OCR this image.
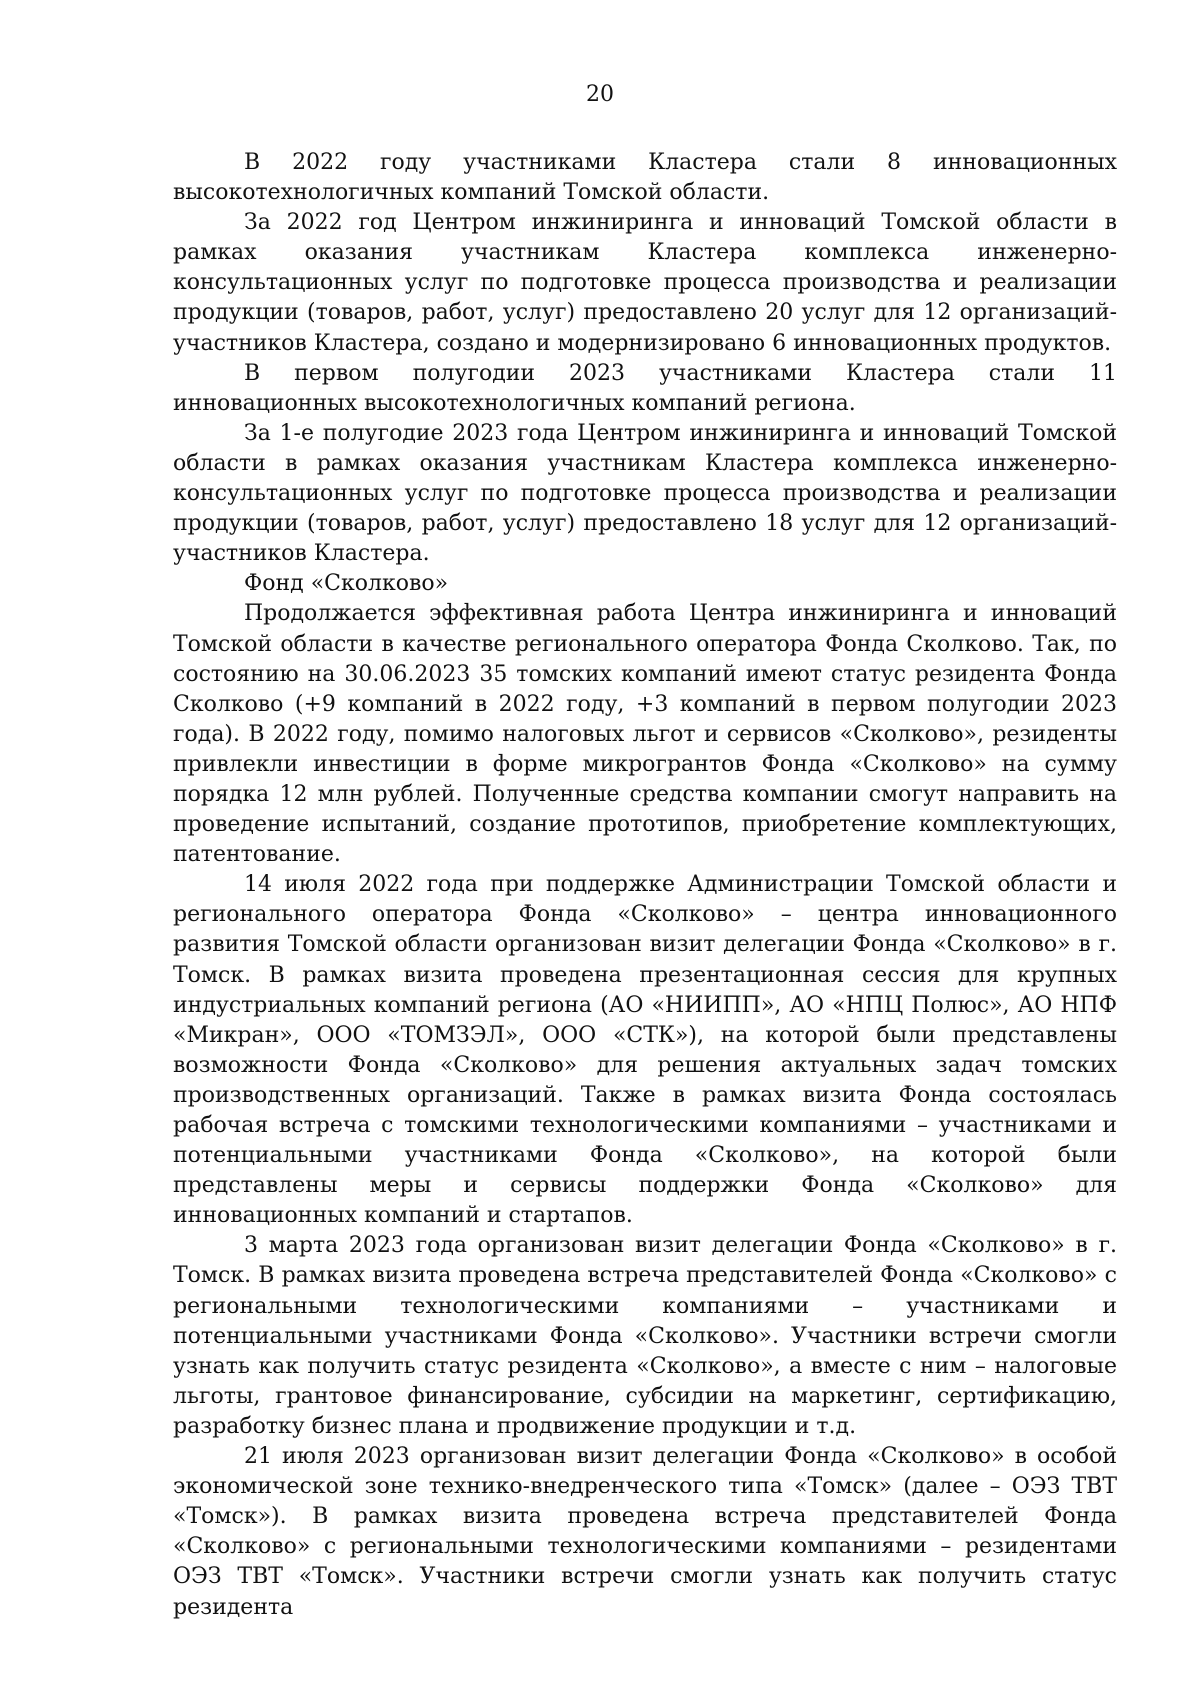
20

В 2022 году участниками Кластера стали 8 инновационных высокотехнологичных компаний Томской области.

За 2022 год Центром инжиниринга и инноваций Томской области в рамках оказания участникам Кластера комплекса инженерно-консультационных услуг по подготовке процесса производства и реализации продукции (товаров, работ, услуг) предоставлено 20 услуг для 12 организаций-участников Кластера, создано и модернизировано 6 инновационных продуктов.

В первом полугодии 2023 участниками Кластера стали 11 инновационных высокотехнологичных компаний региона.

За 1-е полугодие 2023 года Центром инжиниринга и инноваций Томской области в рамках оказания участникам Кластера комплекса инженерно-консультационных услуг по подготовке процесса производства и реализации продукции (товаров, работ, услуг) предоставлено 18 услуг для 12 организаций-участников Кластера.

Фонд «Сколково»

Продолжается эффективная работа Центра инжиниринга и инноваций Томской области в качестве регионального оператора Фонда Сколково. Так, по состоянию на 30.06.2023 35 томских компаний имеют статус резидента Фонда Сколково (+9 компаний в 2022 году, +3 компаний в первом полугодии 2023 года). В 2022 году, помимо налоговых льгот и сервисов «Сколково», резиденты привлекли инвестиции в форме микрогрантов Фонда «Сколково» на сумму порядка 12 млн рублей. Полученные средства компании смогут направить на проведение испытаний, создание прототипов, приобретение комплектующих, патентование.

14 июля 2022 года при поддержке Администрации Томской области и регионального оператора Фонда «Сколково» – центра инновационного развития Томской области организован визит делегации Фонда «Сколково» в г. Томск. В рамках визита проведена презентационная сессия для крупных индустриальных компаний региона (АО «НИИПП», АО «НПЦ Полюс», АО НПФ «Микран», ООО «ТОМЗЭЛ», ООО «СТК»), на которой были представлены возможности Фонда «Сколково» для решения актуальных задач томских производственных организаций. Также в рамках визита Фонда состоялась рабочая встреча с томскими технологическими компаниями – участниками и потенциальными участниками Фонда «Сколково», на которой были представлены меры и сервисы поддержки Фонда «Сколково» для инновационных компаний и стартапов.

3 марта 2023 года организован визит делегации Фонда «Сколково» в г. Томск. В рамках визита проведена встреча представителей Фонда «Сколково» с региональными технологическими компаниями – участниками и потенциальными участниками Фонда «Сколково». Участники встречи смогли узнать как получить статус резидента «Сколково», а вместе с ним – налоговые льготы, грантовое финансирование, субсидии на маркетинг, сертификацию, разработку бизнес плана и продвижение продукции и т.д.

21 июля 2023 организован визит делегации Фонда «Сколково» в особой экономической зоне технико-внедренческого типа «Томск» (далее – ОЭЗ ТВТ «Томск»). В рамках визита проведена встреча представителей Фонда «Сколково» с региональными технологическими компаниями – резидентами ОЭЗ ТВТ «Томск». Участники встречи смогли узнать как получить статус резидента
